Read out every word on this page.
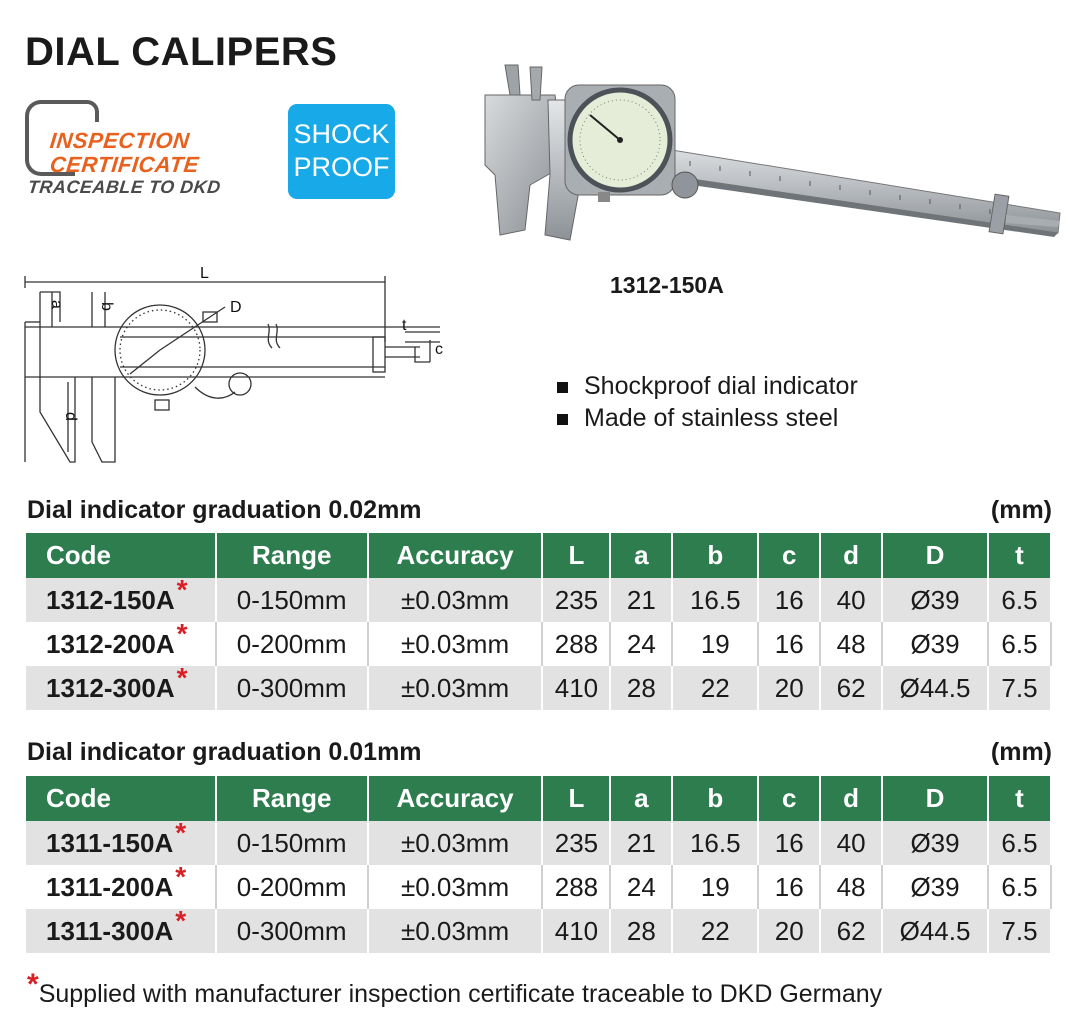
DIAL CALIPERS
INSPECTION
CERTIFICATE
TRACEABLE TO DKD
SHOCK
PROOF
1312-150A
L
a b	D
t
c
d
Shockproof dial indicator
Made of stainless steel
Dial indicator graduation 0.02mm	(mm)
Code	Range	Accuracy	L	a	b	c	d	D	t
1312-150A*	0-150mm	±0.03mm	235	21	16.5	16	40	Ø39	6.5
1312-200A*	0-200mm	±0.03mm	288	24	19	16	48	Ø39	6.5
1312-300A*	0-300mm	±0.03mm	410	28	22	20	62	Ø44.5	7.5
Dial indicator graduation 0.01mm	(mm)
Code	Range	Accuracy	L	a	b	c	d	D	t
1311-150A*	0-150mm	±0.03mm	235	21	16.5	16	40	Ø39	6.5
1311-200A*	0-200mm	±0.03mm	288	24	19	16	48	Ø39	6.5
1311-300A*	0-300mm	±0.03mm	410	28	22	20	62	Ø44.5	7.5
*Supplied with manufacturer inspection certificate traceable to DKD Germany
